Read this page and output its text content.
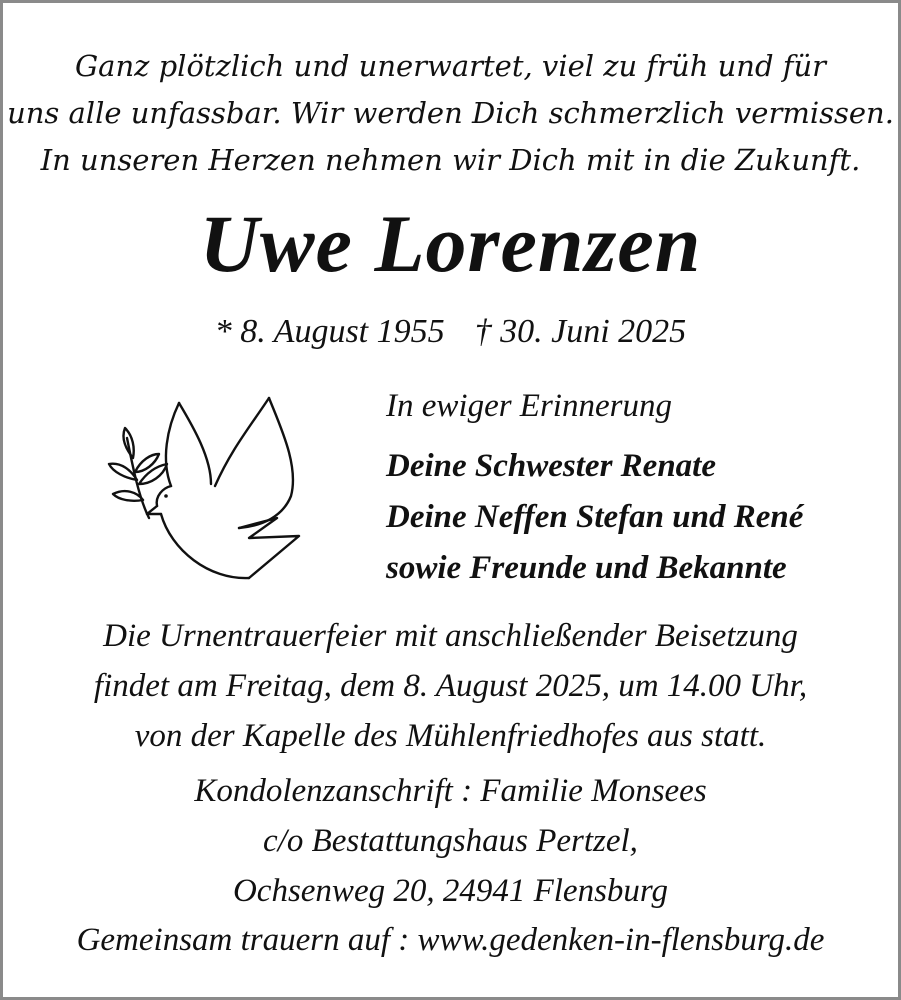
Ganz plötzlich und unerwartet, viel zu früh und für
uns alle unfassbar. Wir werden Dich schmerzlich vermissen.
In unseren Herzen nehmen wir Dich mit in die Zukunft.
Uwe Lorenzen
* 8. August 1955 † 30. Juni 2025
In ewiger Erinnerung
Deine Schwester Renate
Deine Neffen Stefan und René
sowie Freunde und Bekannte
Die Urnentrauerfeier mit anschließender Beisetzung
findet am Freitag, dem 8. August 2025, um 14.00 Uhr,
von der Kapelle des Mühlenfriedhofes aus statt.
Kondolenzanschrift : Familie Monsees
c/o Bestattungshaus Pertzel,
Ochsenweg 20, 24941 Flensburg
Gemeinsam trauern auf : www.gedenken-in-flensburg.de
